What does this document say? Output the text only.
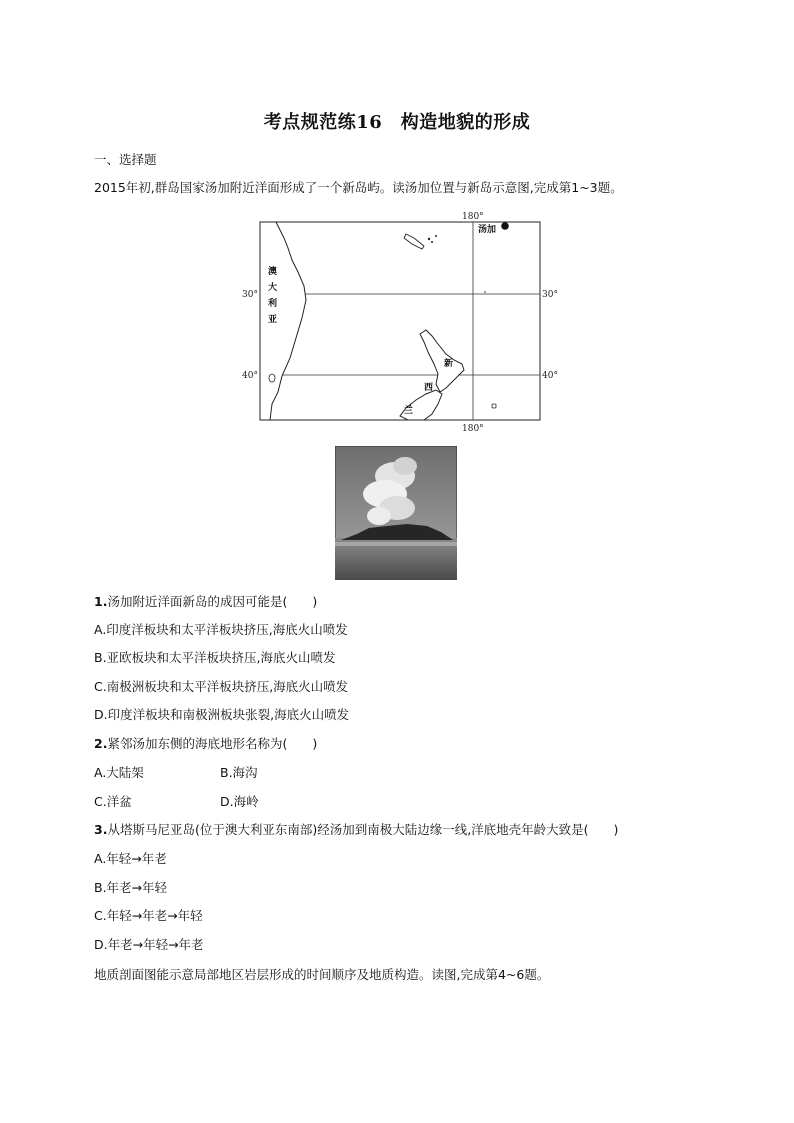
考点规范练16　构造地貌的形成
一、选择题
2015年初,群岛国家汤加附近洋面形成了一个新岛屿。读汤加位置与新岛示意图,完成第1~3题。
180°
180°
30°	30°
40°	40°
汤加
澳
大
利
亚
新
西
兰
1.汤加附近洋面新岛的成因可能是(　　)
A.印度洋板块和太平洋板块挤压,海底火山喷发
B.亚欧板块和太平洋板块挤压,海底火山喷发
C.南极洲板块和太平洋板块挤压,海底火山喷发
D.印度洋板块和南极洲板块张裂,海底火山喷发
2.紧邻汤加东侧的海底地形名称为(　　)
A.大陆架	B.海沟
C.洋盆	D.海岭
3.从塔斯马尼亚岛(位于澳大利亚东南部)经汤加到南极大陆边缘一线,洋底地壳年龄大致是(　　)
A.年轻→年老
B.年老→年轻
C.年轻→年老→年轻
D.年老→年轻→年老
地质剖面图能示意局部地区岩层形成的时间顺序及地质构造。读图,完成第4~6题。
